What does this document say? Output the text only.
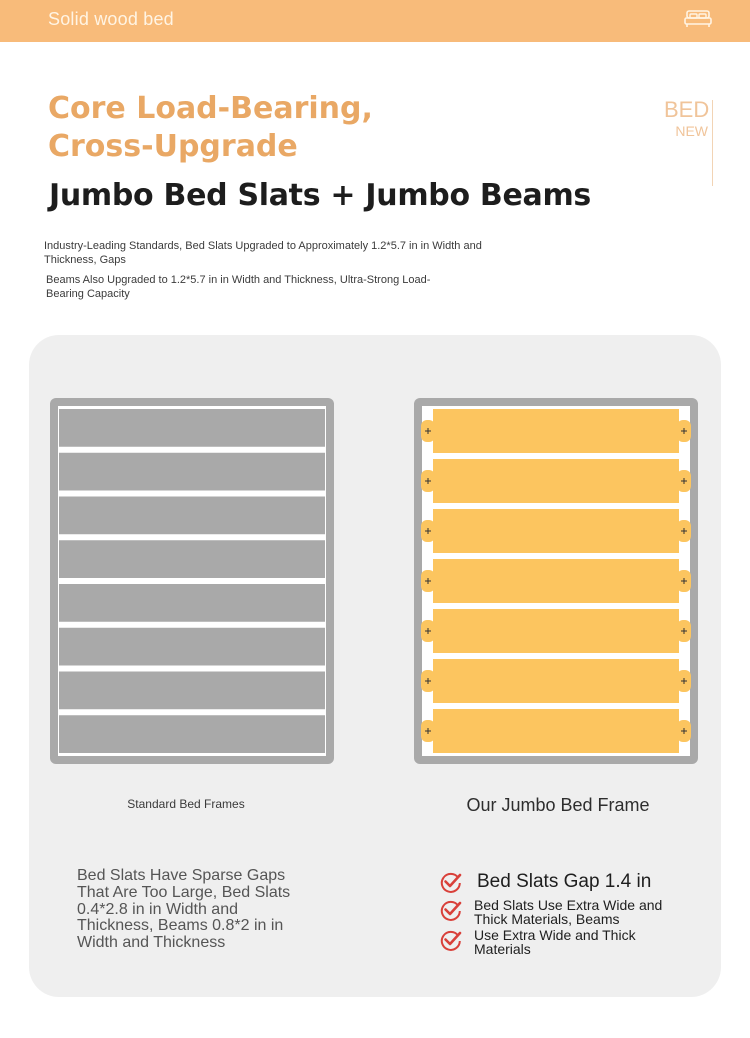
Solid wood bed
Core Load-Bearing,
Cross-Upgrade
Jumbo Bed Slats + Jumbo Beams
BED
NEW
Industry-Leading Standards, Bed Slats Upgraded to Approximately 1.2*5.7 in in Width and Thickness, Gaps
Beams Also Upgraded to 1.2*5.7 in in Width and Thickness, Ultra-Strong Load-Bearing Capacity
Standard Bed Frames	Our Jumbo Bed Frame
Bed Slats Have Sparse Gaps That Are Too Large, Bed Slats 0.4*2.8 in in Width and Thickness, Beams 0.8*2 in in Width and Thickness
Bed Slats Gap 1.4 in
Bed Slats Use Extra Wide and Thick Materials, Beams
Use Extra Wide and Thick Materials
